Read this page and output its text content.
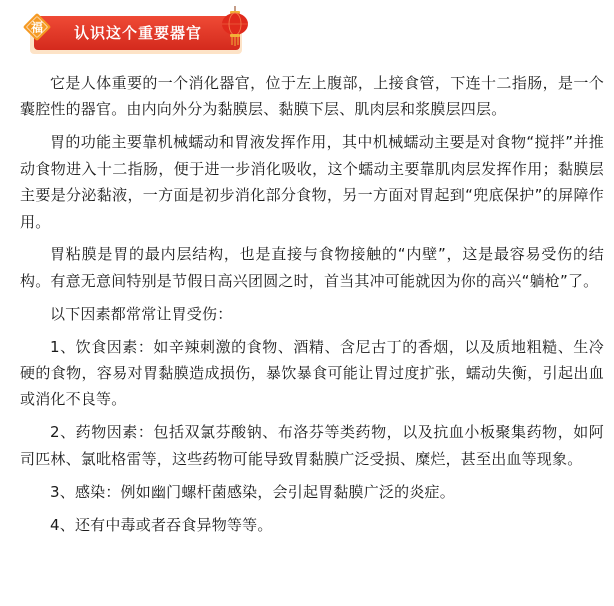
认识这个重要器官
福

它是人体重要的一个消化器官，位于左上腹部，上接食管，下连十二指肠，是一个囊腔性的器官。由内向外分为黏膜层、黏膜下层、肌肉层和浆膜层四层。

胃的功能主要靠机械蠕动和胃液发挥作用，其中机械蠕动主要是对食物“搅拌”并推动食物进入十二指肠，便于进一步消化吸收，这个蠕动主要靠肌肉层发挥作用；黏膜层主要是分泌黏液，一方面是初步消化部分食物，另一方面对胃起到“兜底保护”的屏障作用。

胃粘膜是胃的最内层结构，也是直接与食物接触的“内壁”，这是最容易受伤的结构。有意无意间特别是节假日高兴团圆之时，首当其冲可能就因为你的高兴“躺枪”了。

以下因素都常常让胃受伤：

1、饮食因素：如辛辣刺激的食物、酒精、含尼古丁的香烟，以及质地粗糙、生冷硬的食物，容易对胃黏膜造成损伤，暴饮暴食可能让胃过度扩张，蠕动失衡，引起出血或消化不良等。

2、药物因素：包括双氯芬酸钠、布洛芬等类药物，以及抗血小板聚集药物，如阿司匹林、氯吡格雷等，这些药物可能导致胃黏膜广泛受损、糜烂，甚至出血等现象。

3、感染：例如幽门螺杆菌感染，会引起胃黏膜广泛的炎症。

4、还有中毒或者吞食异物等等。
